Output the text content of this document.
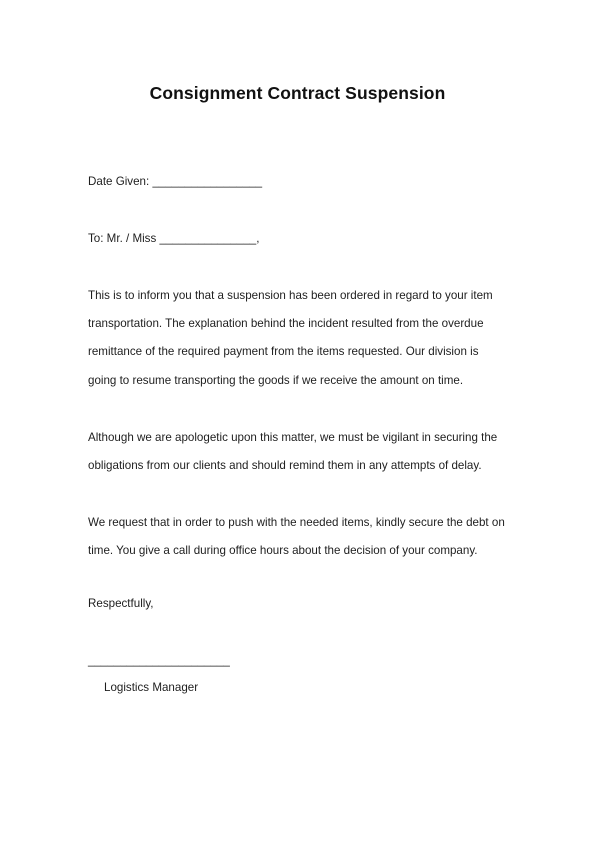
Consignment Contract Suspension
Date Given: _________________
To: Mr. / Miss _______________,
This is to inform you that a suspension has been ordered in regard to your item
transportation. The explanation behind the incident resulted from the overdue
remittance of the required payment from the items requested. Our division is
going to resume transporting the goods if we receive the amount on time.
Although we are apologetic upon this matter, we must be vigilant in securing the
obligations from our clients and should remind them in any attempts of delay.
We request that in order to push with the needed items, kindly secure the debt on
time. You give a call during office hours about the decision of your company.
Respectfully,
______________________
Logistics Manager
